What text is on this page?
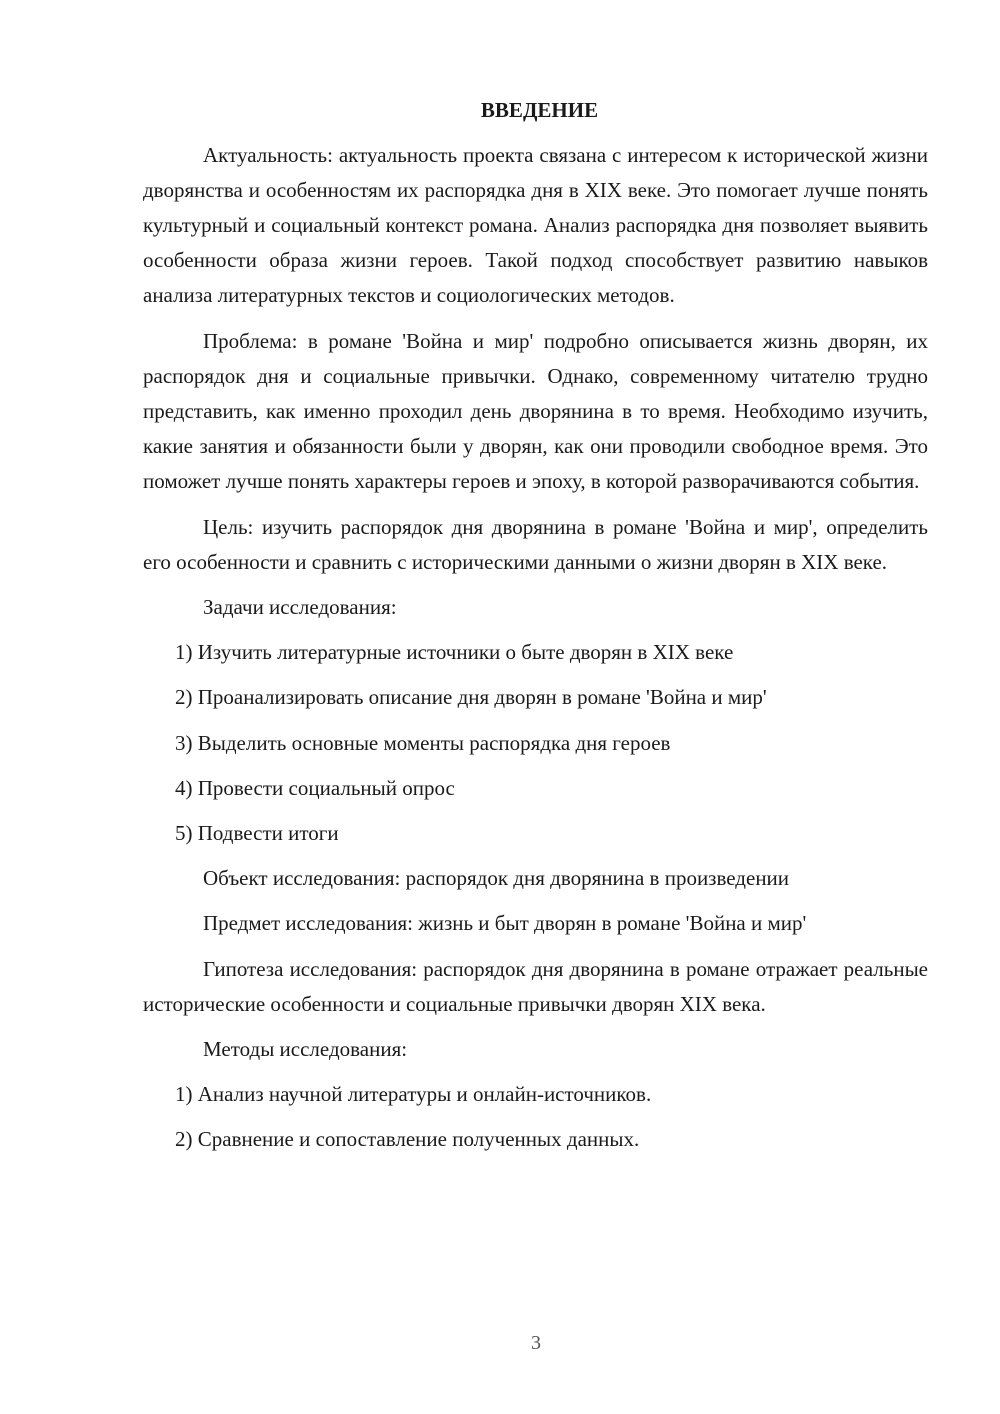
ВВЕДЕНИЕ

Актуальность: актуальность проекта связана с интересом к исторической жизни дворянства и особенностям их распорядка дня в XIX веке. Это помогает лучше понять культурный и социальный контекст романа. Анализ распорядка дня позволяет выявить особенности образа жизни героев. Такой подход способствует развитию навыков анализа литературных текстов и социологических методов.

Проблема: в романе 'Война и мир' подробно описывается жизнь дворян, их распорядок дня и социальные привычки. Однако, современному читателю трудно представить, как именно проходил день дворянина в то время. Необходимо изучить, какие занятия и обязанности были у дворян, как они проводили свободное время. Это поможет лучше понять характеры героев и эпоху, в которой разворачиваются события.

Цель: изучить распорядок дня дворянина в романе 'Война и мир', определить его особенности и сравнить с историческими данными о жизни дворян в XIX веке.

Задачи исследования:

1) Изучить литературные источники о быте дворян в XIX веке

2) Проанализировать описание дня дворян в романе 'Война и мир'

3) Выделить основные моменты распорядка дня героев

4) Провести социальный опрос

5) Подвести итоги

Объект исследования: распорядок дня дворянина в произведении

Предмет исследования: жизнь и быт дворян в романе 'Война и мир'

Гипотеза исследования: распорядок дня дворянина в романе отражает реальные исторические особенности и социальные привычки дворян XIX века.

Методы исследования:

1) Анализ научной литературы и онлайн-источников.

2) Сравнение и сопоставление полученных данных.

3
